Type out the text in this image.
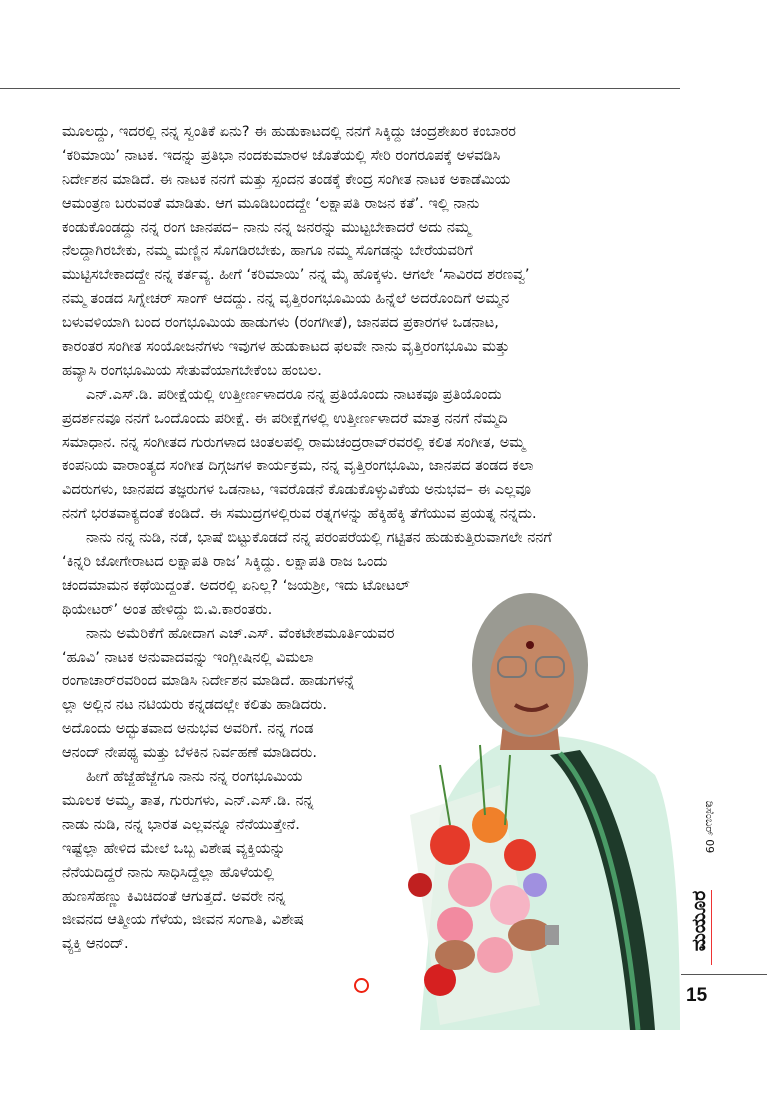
ಮೂಲದ್ದು, ಇದರಲ್ಲಿ ನನ್ನ ಸ್ವಂತಿಕೆ ಏನು? ಈ ಹುಡುಕಾಟದಲ್ಲಿ ನನಗೆ ಸಿಕ್ಕಿದ್ದು ಚಂದ್ರಶೇಖರ ಕಂಬಾರರ
‘ಕರಿಮಾಯಿ’ ನಾಟಕ. ಇದನ್ನು ಪ್ರತಿಭಾ ನಂದಕುಮಾರಳ ಜೊತೆಯಲ್ಲಿ ಸೇರಿ ರಂಗರೂಪಕ್ಕೆ ಅಳವಡಿಸಿ
ನಿರ್ದೇಶನ ಮಾಡಿದೆ. ಈ ನಾಟಕ ನನಗೆ ಮತ್ತು ಸ್ಪಂದನ ತಂಡಕ್ಕೆ ಕೇಂದ್ರ ಸಂಗೀತ ನಾಟಕ ಅಕಾಡೆಮಿಯ
ಆಮಂತ್ರಣ ಬರುವಂತೆ ಮಾಡಿತು. ಆಗ ಮೂಡಿಬಂದದ್ದೇ ‘ಲಕ್ಷಾಪತಿ ರಾಜನ ಕತೆ’. ಇಲ್ಲಿ ನಾನು
ಕಂಡುಕೊಂಡದ್ದು ನನ್ನ ರಂಗ ಜಾನಪದ– ನಾನು ನನ್ನ ಜನರನ್ನು ಮುಟ್ಟಬೇಕಾದರೆ ಅದು ನಮ್ಮ
ನೆಲದ್ದಾಗಿರಬೇಕು, ನಮ್ಮ ಮಣ್ಣಿನ ಸೊಗಡಿರಬೇಕು, ಹಾಗೂ ನಮ್ಮ ಸೊಗಡನ್ನು ಬೇರೆಯವರಿಗೆ
ಮುಟ್ಟಿಸಬೇಕಾದದ್ದೇ ನನ್ನ ಕರ್ತವ್ಯ. ಹೀಗೆ ‘ಕರಿಮಾಯಿ’ ನನ್ನ ಮೈ ಹೊಕ್ಕಳು. ಆಗಲೇ ‘ಸಾವಿರದ ಶರಣವ್ವ’
ನಮ್ಮ ತಂಡದ ಸಿಗ್ನೇಚರ್ ಸಾಂಗ್ ಆದದ್ದು. ನನ್ನ ವೃತ್ತಿರಂಗಭೂಮಿಯ ಹಿನ್ನೆಲೆ ಅದರೊಂದಿಗೆ ಅಮ್ಮನ
ಬಳುವಳಿಯಾಗಿ ಬಂದ ರಂಗಭೂಮಿಯ ಹಾಡುಗಳು (ರಂಗಗೀತೆ), ಜಾನಪದ ಪ್ರಕಾರಗಳ ಒಡನಾಟ,
ಕಾರಂತರ ಸಂಗೀತ ಸಂಯೋಜನೆಗಳು ಇವುಗಳ ಹುಡುಕಾಟದ ಫಲವೇ ನಾನು ವೃತ್ತಿರಂಗಭೂಮಿ ಮತ್ತು
ಹವ್ಯಾಸಿ ರಂಗಭೂಮಿಯ ಸೇತುವೆಯಾಗಬೇಕೆಂಬ ಹಂಬಲ.
ಎನ್.ಎಸ್.ಡಿ. ಪರೀಕ್ಷೆಯಲ್ಲಿ ಉತ್ತೀರ್ಣಳಾದರೂ ನನ್ನ ಪ್ರತಿಯೊಂದು ನಾಟಕವೂ ಪ್ರತಿಯೊಂದು
ಪ್ರದರ್ಶನವೂ ನನಗೆ ಒಂದೊಂದು ಪರೀಕ್ಷೆ. ಈ ಪರೀಕ್ಷೆಗಳಲ್ಲಿ ಉತ್ತೀರ್ಣಳಾದರೆ ಮಾತ್ರ ನನಗೆ ನೆಮ್ಮದಿ
ಸಮಾಧಾನ. ನನ್ನ ಸಂಗೀತದ ಗುರುಗಳಾದ ಚಿಂತಲಪಲ್ಲಿ ರಾಮಚಂದ್ರರಾವ್‌ರವರಲ್ಲಿ ಕಲಿತ ಸಂಗೀತ, ಅಮ್ಮ
ಕಂಪನಿಯ ವಾರಾಂತ್ಯದ ಸಂಗೀತ ದಿಗ್ಗಜಗಳ ಕಾರ್ಯಕ್ರಮ, ನನ್ನ ವೃತ್ತಿರಂಗಭೂಮಿ, ಜಾನಪದ ತಂಡದ ಕಲಾ
ವಿದರುಗಳು, ಜಾನಪದ ತಜ್ಞರುಗಳ ಒಡನಾಟ, ಇವರೊಡನೆ ಕೊಡುಕೊಳ್ಳುವಿಕೆಯ ಅನುಭವ– ಈ ಎಲ್ಲವೂ
ನನಗೆ ಭರತವಾಕ್ಯದಂತೆ ಕಂಡಿದೆ. ಈ ಸಮುದ್ರಗಳಲ್ಲಿರುವ ರತ್ನಗಳನ್ನು ಹೆಕ್ಕಿಹೆಕ್ಕಿ ತೆಗೆಯುವ ಪ್ರಯತ್ನ ನನ್ನದು.
ನಾನು ನನ್ನ ನುಡಿ, ನಡೆ, ಭಾಷೆ ಬಿಟ್ಟುಕೊಡದೆ ನನ್ನ ಪರಂಪರೆಯಲ್ಲಿ ಗಟ್ಟಿತನ ಹುಡುಕುತ್ತಿರುವಾಗಲೇ ನನಗೆ
‘ಕಿನ್ನರಿ ಜೋಗೇರಾಟದ ಲಕ್ಷಾಪತಿ ರಾಜ’ ಸಿಕ್ಕಿದ್ದು. ಲಕ್ಷಾಪತಿ ರಾಜ ಒಂದು
ಚಂದಮಾಮನ ಕಥೆಯಿದ್ದಂತೆ. ಅದರಲ್ಲಿ ಏನಿಲ್ಲ? ‘ಜಯಶ್ರೀ, ಇದು ಟೋಟಲ್
ಥಿಯೇಟರ್’ ಅಂತ ಹೇಳಿದ್ದು ಬಿ.ವಿ.ಕಾರಂತರು.
ನಾನು ಅಮೆರಿಕೆಗೆ ಹೋದಾಗ ಎಚ್.ಎಸ್. ವೆಂಕಟೇಶಮೂರ್ತಿಯವರ
‘ಹೂವಿ’ ನಾಟಕ ಅನುವಾದವನ್ನು ಇಂಗ್ಲೀಷಿನಲ್ಲಿ ವಿಮಲಾ
ರಂಗಾಚಾರ್‌ರವರಿಂದ ಮಾಡಿಸಿ ನಿರ್ದೇಶನ ಮಾಡಿದೆ. ಹಾಡುಗಳನ್ನೆ
ಲ್ಲಾ ಅಲ್ಲಿನ ನಟ ನಟಿಯರು ಕನ್ನಡದಲ್ಲೇ ಕಲಿತು ಹಾಡಿದರು.
ಅದೊಂದು ಅದ್ಭುತವಾದ ಅನುಭವ ಅವರಿಗೆ. ನನ್ನ ಗಂಡ
ಆನಂದ್ ನೇಪಥ್ಯ ಮತ್ತು ಬೆಳಕಿನ ನಿರ್ವಹಣೆ ಮಾಡಿದರು.
ಹೀಗೆ ಹೆಜ್ಜೆಹೆಜ್ಜೆಗೂ ನಾನು ನನ್ನ ರಂಗಭೂಮಿಯ
ಮೂಲಕ ಅಮ್ಮ, ತಾತ, ಗುರುಗಳು, ಎನ್.ಎಸ್.ಡಿ. ನನ್ನ
ನಾಡು ನುಡಿ, ನನ್ನ ಭಾರತ ಎಲ್ಲವನ್ನೂ ನೆನೆಯುತ್ತೇನೆ.
ಇಷ್ಟೆಲ್ಲಾ ಹೇಳಿದ ಮೇಲೆ ಒಬ್ಬ ವಿಶೇಷ ವ್ಯಕ್ತಿಯನ್ನು
ನೆನೆಯದಿದ್ದರೆ ನಾನು ಸಾಧಿಸಿದ್ದೆಲ್ಲಾ ಹೊಳೆಯಲ್ಲಿ
ಹುಣಸೆಹಣ್ಣು ಕಿವಿಚಿದಂತೆ ಆಗುತ್ತದೆ. ಅವರೇ ನನ್ನ
ಜೀವನದ ಆತ್ಮೀಯ ಗೆಳೆಯ, ಜೀವನ ಸಂಗಾತಿ, ವಿಶೇಷ
ವ್ಯಕ್ತಿ ಆನಂದ್.
ಡಿಸೆಂಬರ್ 09
ಮಯೂರ
15
